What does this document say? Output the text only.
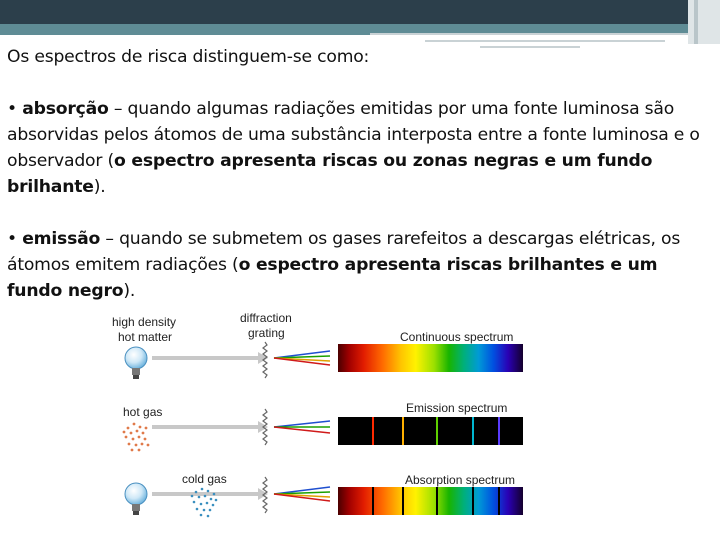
Os espectros de risca distinguem-se como:

• absorção – quando algumas radiações emitidas por uma fonte luminosa são absorvidas pelos átomos de uma substância interposta entre a fonte luminosa e o observador (o espectro apresenta riscas ou zonas negras e um fundo brilhante).

• emissão – quando se submetem os gases rarefeitos a descargas elétricas, os átomos emitem radiações (o espectro apresenta riscas brilhantes e um fundo negro).

high density
hot matter
diffraction
grating	Continuous spectrum
hot gas	Emission spectrum
cold gas	Absorption spectrum
